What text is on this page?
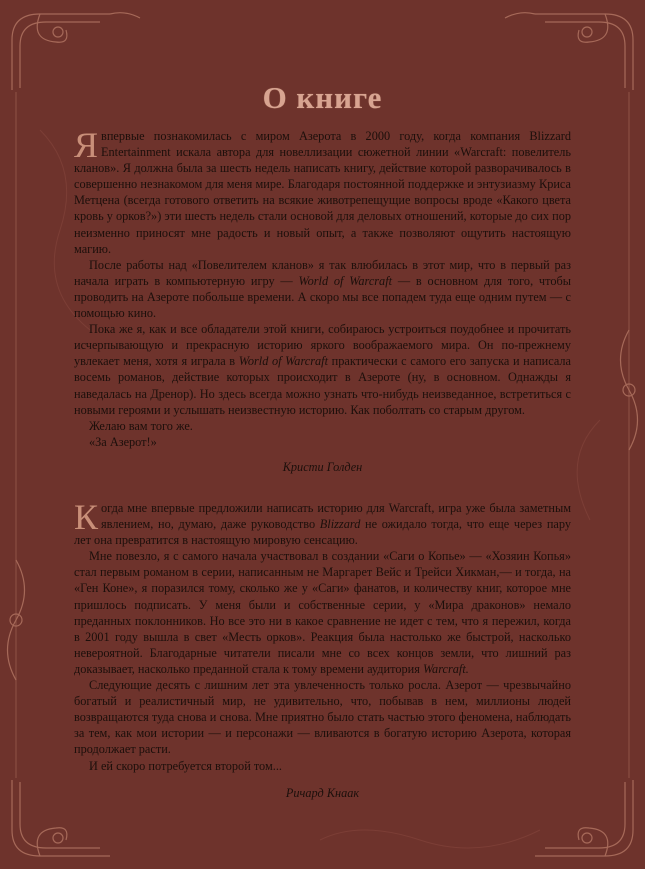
О книге

Явпервые познакомилась с миром Азерота в 2000 году, когда компания Blizzard Entertainment искала автора для новеллизации сюжетной линии «Warcraft: повелитель кланов». Я должна была за шесть недель написать книгу, действие которой разворачивалось в совершенно незнакомом для меня мире. Благодаря постоянной поддержке и энтузиазму Криса Метцена (всегда готового ответить на всякие животрепещущие вопросы вроде «Какого цвета кровь у орков?») эти шесть недель стали основой для деловых отношений, которые до сих пор неизменно приносят мне радость и новый опыт, а также позволяют ощутить настоящую магию.

После работы над «Повелителем кланов» я так влюбилась в этот мир, что в первый раз начала играть в компьютерную игру — World of Warcraft — в основном для того, чтобы проводить на Азероте побольше времени. А скоро мы все попадем туда еще одним путем — с помощью кино.

Пока же я, как и все обладатели этой книги, собираюсь устроиться поудобнее и прочитать исчерпывающую и прекрасную историю яркого воображаемого мира. Он по-прежнему увлекает меня, хотя я играла в World of Warcraft практически с самого его запуска и написала восемь романов, действие которых происходит в Азероте (ну, в основном. Однажды я наведалась на Дренор). Но здесь всегда можно узнать что-нибудь неизведанное, встретиться с новыми героями и услышать неизвестную историю. Как поболтать со старым другом.

Желаю вам того же.

«За Азерот!»

Кристи Голден

Когда мне впервые предложили написать историю для Warcraft, игра уже была заметным явлением, но, думаю, даже руководство Blizzard не ожидало тогда, что еще через пару лет она превратится в настоящую мировую сенсацию.

Мне повезло, я с самого начала участвовал в создании «Саги о Копье» — «Хозяин Копья» стал первым романом в серии, написанным не Маргарет Вейс и Трейси Хикман,— и тогда, на «Ген Коне», я поразился тому, сколько же у «Саги» фанатов, и количеству книг, которое мне пришлось подписать. У меня были и собственные серии, у «Мира драконов» немало преданных поклонников. Но все это ни в какое сравнение не идет с тем, что я пережил, когда в 2001 году вышла в свет «Месть орков». Реакция была настолько же быстрой, насколько невероятной. Благодарные читатели писали мне со всех концов земли, что лишний раз доказывает, насколько преданной стала к тому времени аудитория Warcraft.

Следующие десять с лишним лет эта увлеченность только росла. Азерот — чрезвычайно богатый и реалистичный мир, не удивительно, что, побывав в нем, миллионы людей возвращаются туда снова и снова. Мне приятно было стать частью этого феномена, наблюдать за тем, как мои истории — и персонажи — вливаются в богатую историю Азерота, которая продолжает расти.

И ей скоро потребуется второй том...

Ричард Кнаак
